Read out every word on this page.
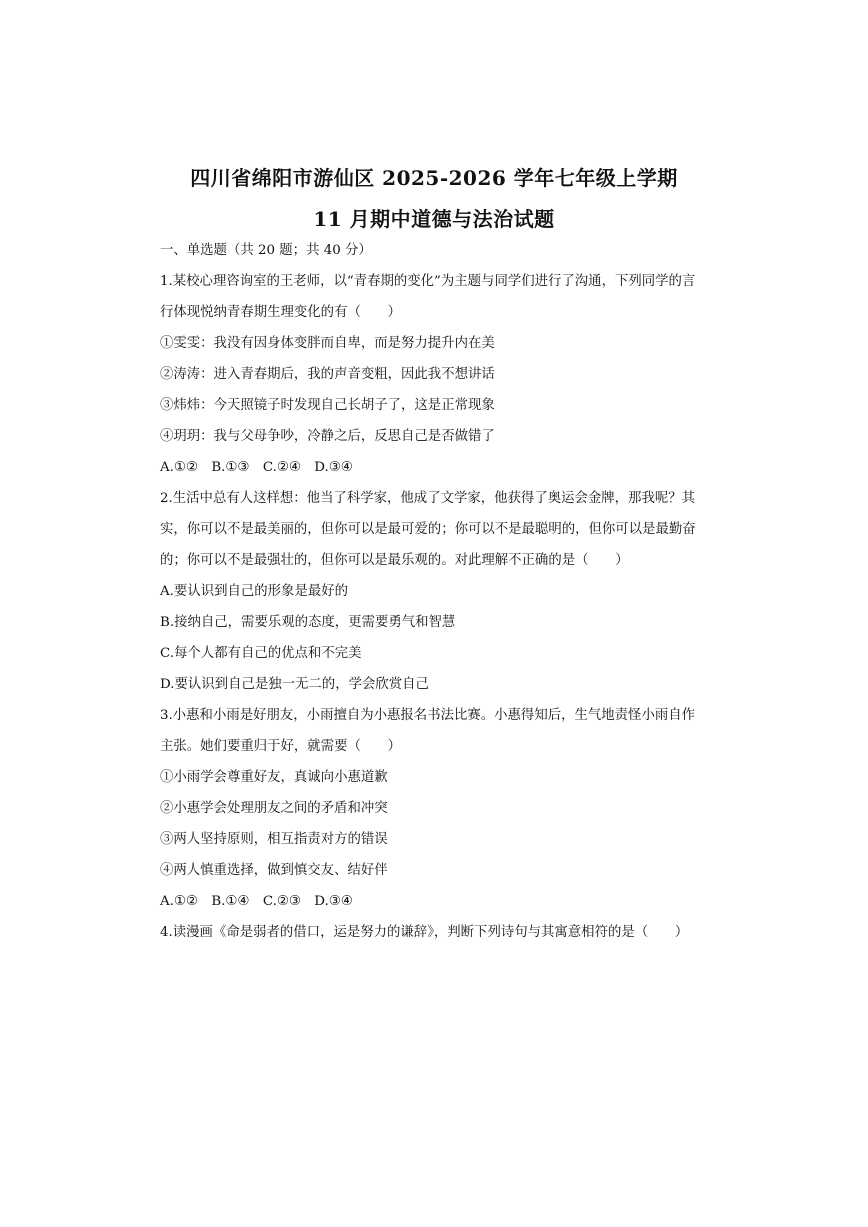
四川省绵阳市游仙区 2025-2026 学年七年级上学期
11 月期中道德与法治试题
一、单选题（共 20 题；共 40 分）
1.某校心理咨询室的王老师，以“青春期的变化”为主题与同学们进行了沟通，下列同学的言
行体现悦纳青春期生理变化的有（　　）
①雯雯：我没有因身体变胖而自卑，而是努力提升内在美
②涛涛：进入青春期后，我的声音变粗，因此我不想讲话
③炜炜：今天照镜子时发现自己长胡子了，这是正常现象
④玥玥：我与父母争吵，冷静之后，反思自己是否做错了
A.①②　B.①③　C.②④　D.③④
2.生活中总有人这样想：他当了科学家，他成了文学家，他获得了奥运会金牌，那我呢？其
实，你可以不是最美丽的，但你可以是最可爱的；你可以不是最聪明的，但你可以是最勤奋
的；你可以不是最强壮的，但你可以是最乐观的。对此理解不正确的是（　　）
A.要认识到自己的形象是最好的
B.接纳自己，需要乐观的态度，更需要勇气和智慧
C.每个人都有自己的优点和不完美
D.要认识到自己是独一无二的，学会欣赏自己
3.小惠和小雨是好朋友，小雨擅自为小惠报名书法比赛。小惠得知后，生气地责怪小雨自作
主张。她们要重归于好，就需要（　　）
①小雨学会尊重好友，真诚向小惠道歉
②小惠学会处理朋友之间的矛盾和冲突
③两人坚持原则，相互指责对方的错误
④两人慎重选择，做到慎交友、结好伴
A.①②　B.①④　C.②③　D.③④
4.读漫画《命是弱者的借口，运是努力的谦辞》，判断下列诗句与其寓意相符的是（　　）
